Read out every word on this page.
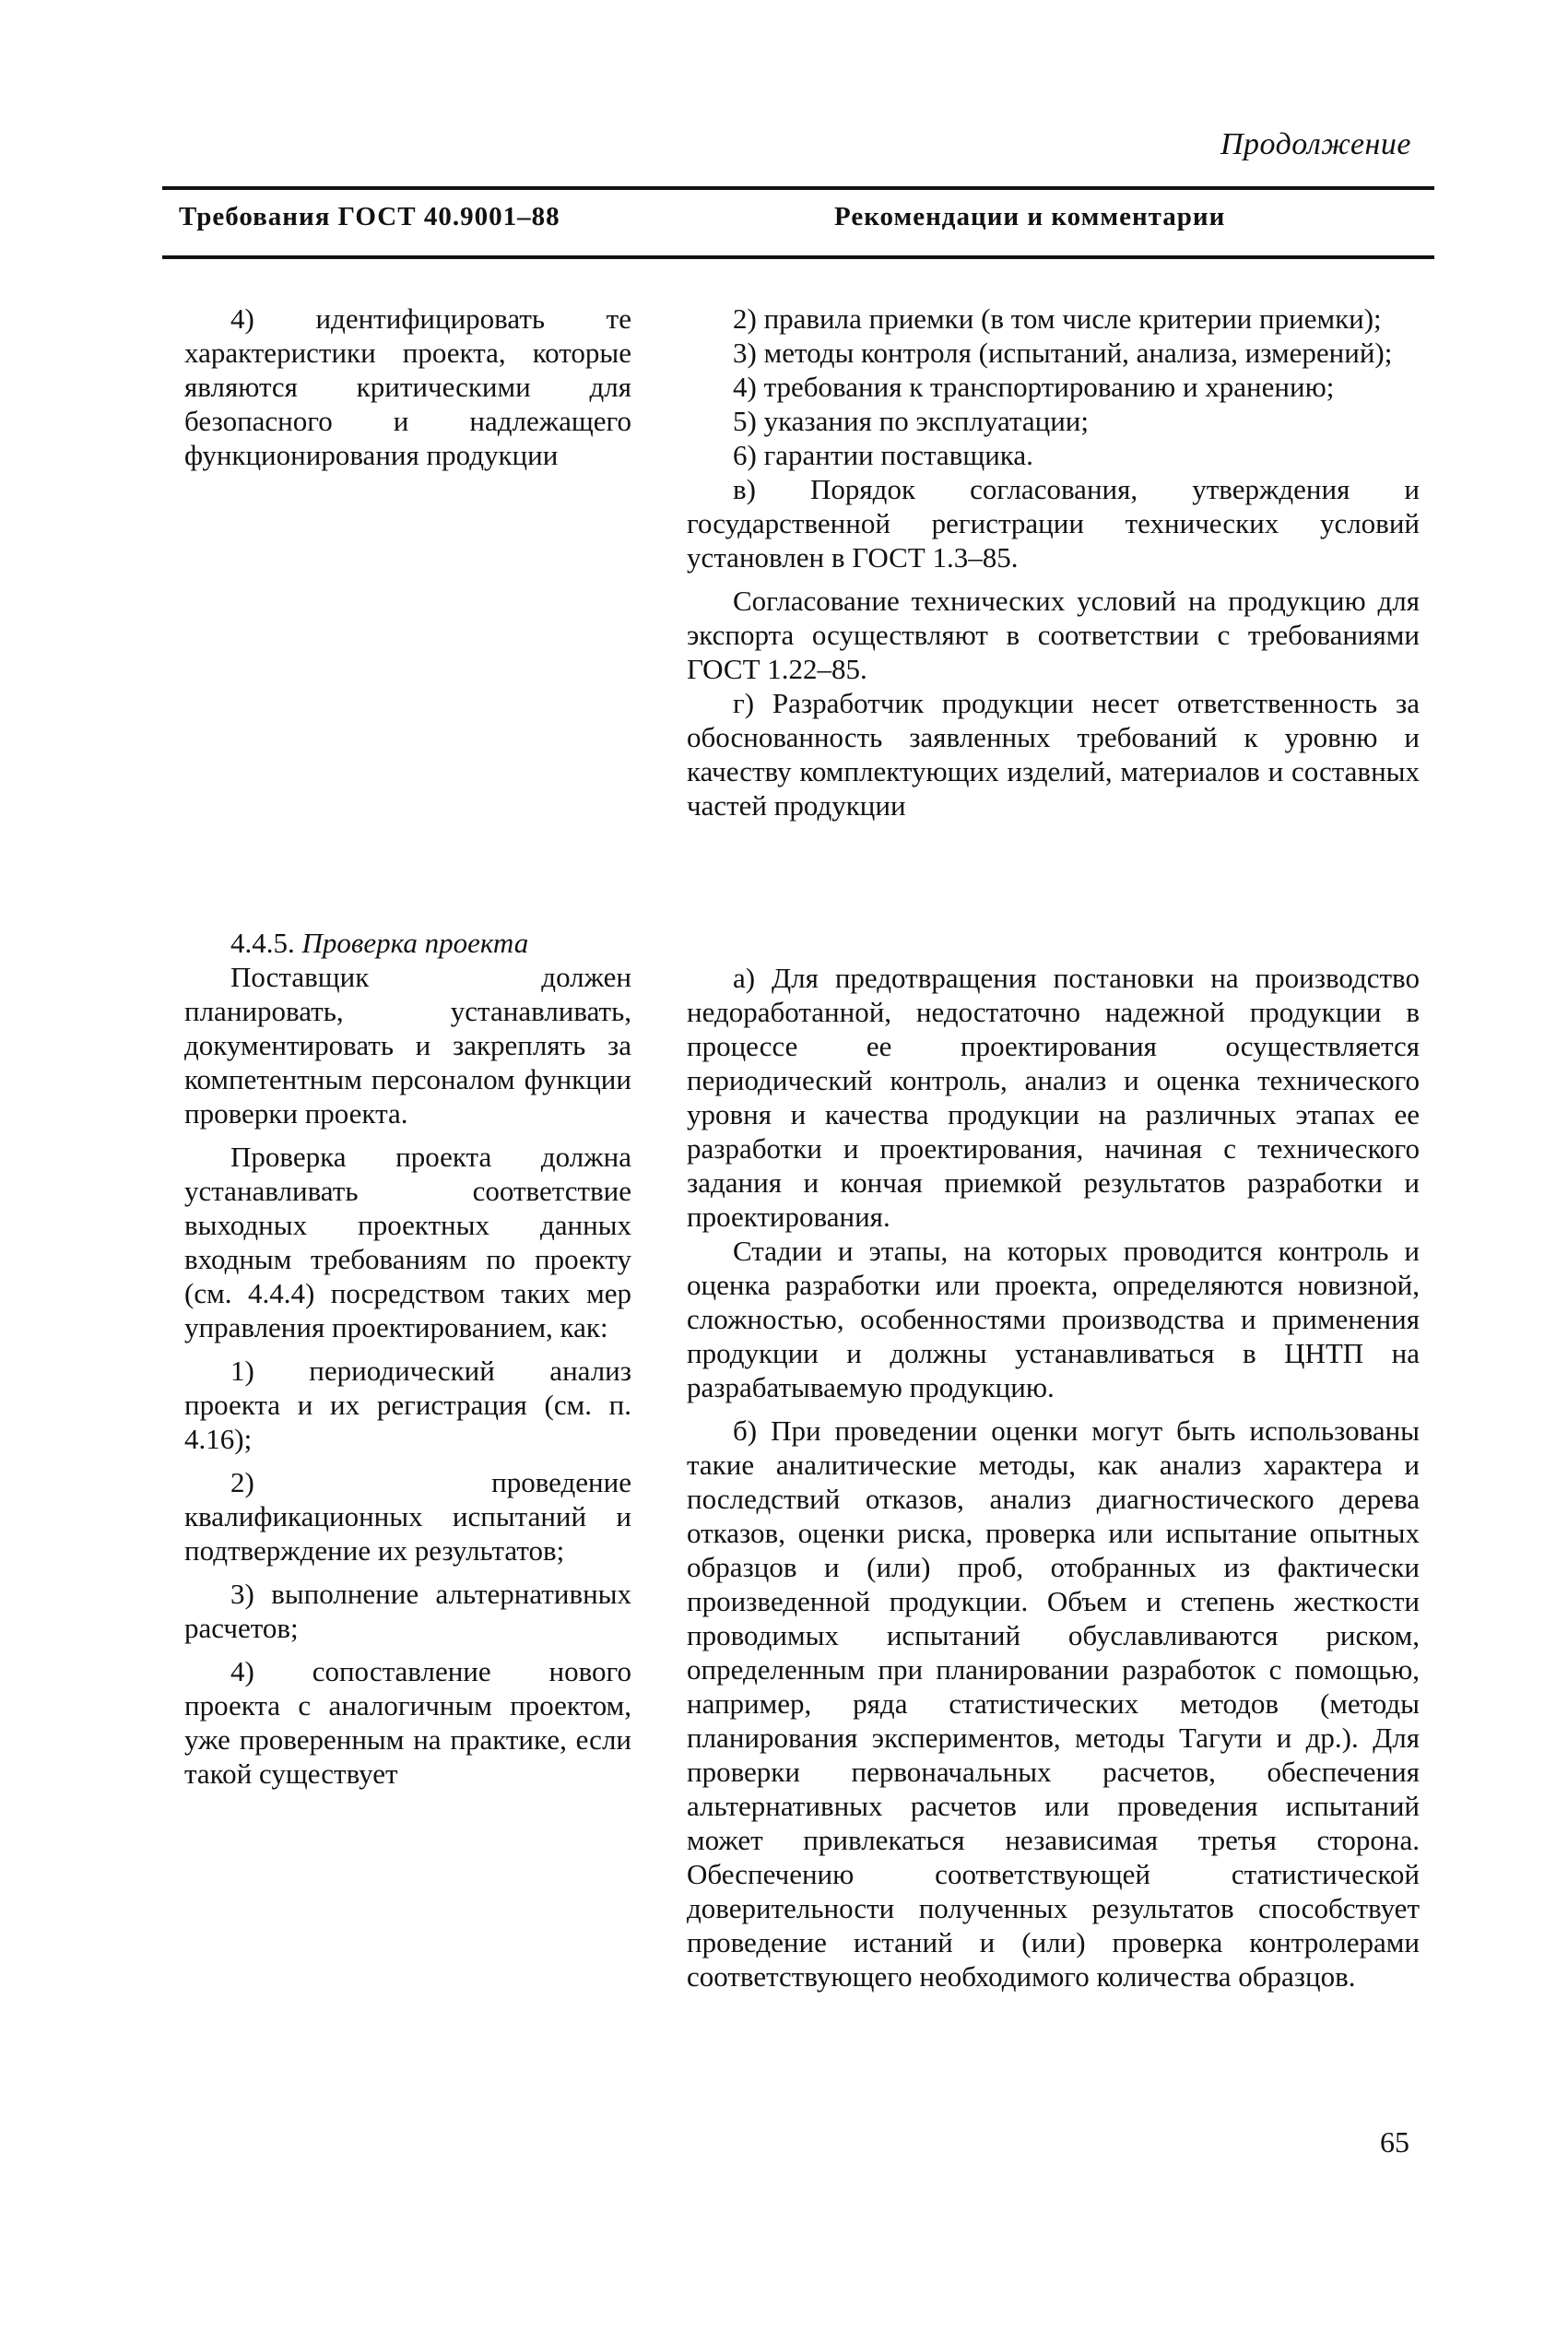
Продолжение
Требования ГОСТ 40.9001–88	Рекомендации и комментарии

4) идентифицировать те характеристики проекта, которые являются критическими для безопасного и надлежащего функционирования продукции

4.4.5. Проверка проекта

Поставщик должен планировать, устанавливать, документировать и закреплять за компетентным персоналом функции проверки проекта.

Проверка проекта должна устанавливать соответствие выходных проектных данных входным требованиям по проекту (см. 4.4.4) посредством таких мер управления проектированием, как:

1) периодический анализ проекта и их регистрация (см. п. 4.16);

2) проведение квалификационных испытаний и подтверждение их результатов;

3) выполнение альтернативных расчетов;

4) сопоставление нового проекта с аналогичным проектом, уже проверенным на практике, если такой существует

2) правила приемки (в том числе критерии приемки);

3) методы контроля (испытаний, анализа, измерений);

4) требования к транспортированию и хранению;

5) указания по эксплуатации;

6) гарантии поставщика.

в) Порядок согласования, утверждения и государственной регистрации технических условий установлен в ГОСТ 1.3–85.

Согласование технических условий на продукцию для экспорта осуществляют в соответствии с требованиями ГОСТ 1.22–85.

г) Разработчик продукции несет ответственность за обоснованность заявленных требований к уровню и качеству комплектующих изделий, материалов и составных частей продукции

а) Для предотвращения постановки на производство недоработанной, недостаточно надежной продукции в процессе ее проектирования осуществляется периодический контроль, анализ и оценка технического уровня и качества продукции на различных этапах ее разработки и проектирования, начиная с технического задания и кончая приемкой результатов разработки и проектирования.

Стадии и этапы, на которых проводится контроль и оценка разработки или проекта, определяются новизной, сложностью, особенностями производства и применения продукции и должны устанавливаться в ЦНТП на разрабатываемую продукцию.

б) При проведении оценки могут быть использованы такие аналитические методы, как анализ характера и последствий отказов, анализ диагностического дерева отказов, оценки риска, проверка или испытание опытных образцов и (или) проб, отобранных из фактически произведенной продукции. Объем и степень жесткости проводимых испытаний обуславливаются риском, определенным при планировании разработок с помощью, например, ряда статистических методов (методы планирования экспериментов, методы Тагути и др.). Для проверки первоначальных расчетов, обеспечения альтернативных расчетов или проведения испытаний может привлекаться независимая третья сторона. Обеспечению соответствующей статистической доверительности полученных результатов способствует проведение истаний и (или) проверка контролерами соответствующего необходимого количества образцов.

65
